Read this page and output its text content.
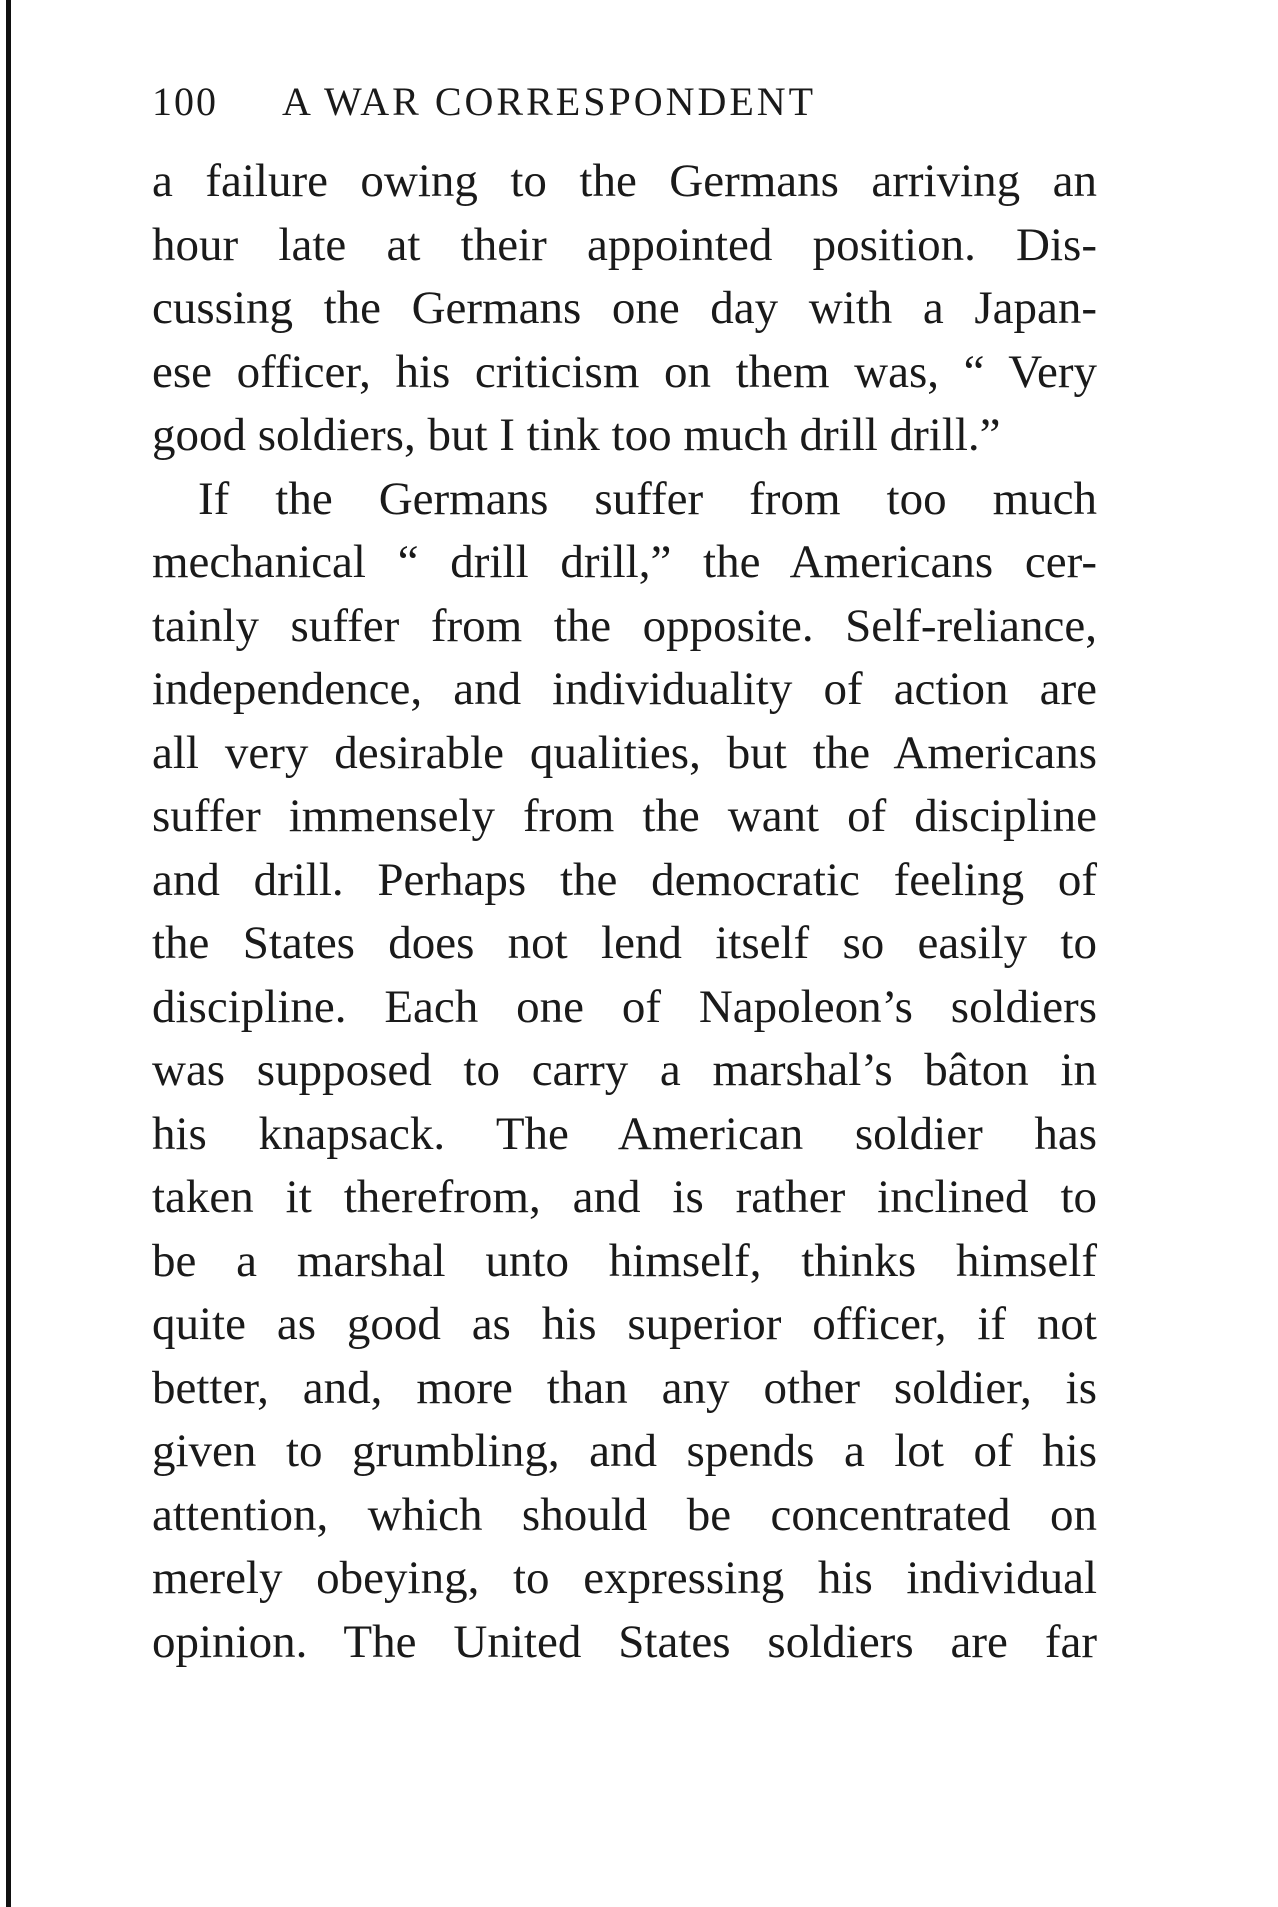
100 A WAR CORRESPONDENT
a failure owing to the Germans arriving an
hour late at their appointed position. Dis-
cussing the Germans one day with a Japan-
ese officer, his criticism on them was, “ Very
good soldiers, but I tink too much drill drill.”
If the Germans suffer from too much
mechanical “ drill drill,” the Americans cer-
tainly suffer from the opposite. Self-reliance,
independence, and individuality of action are
all very desirable qualities, but the Americans
suffer immensely from the want of discipline
and drill. Perhaps the democratic feeling of
the States does not lend itself so easily to
discipline. Each one of Napoleon’s soldiers
was supposed to carry a marshal’s bâton in
his knapsack. The American soldier has
taken it therefrom, and is rather inclined to
be a marshal unto himself, thinks himself
quite as good as his superior officer, if not
better, and, more than any other soldier, is
given to grumbling, and spends a lot of his
attention, which should be concentrated on
merely obeying, to expressing his individual
opinion. The United States soldiers are far
